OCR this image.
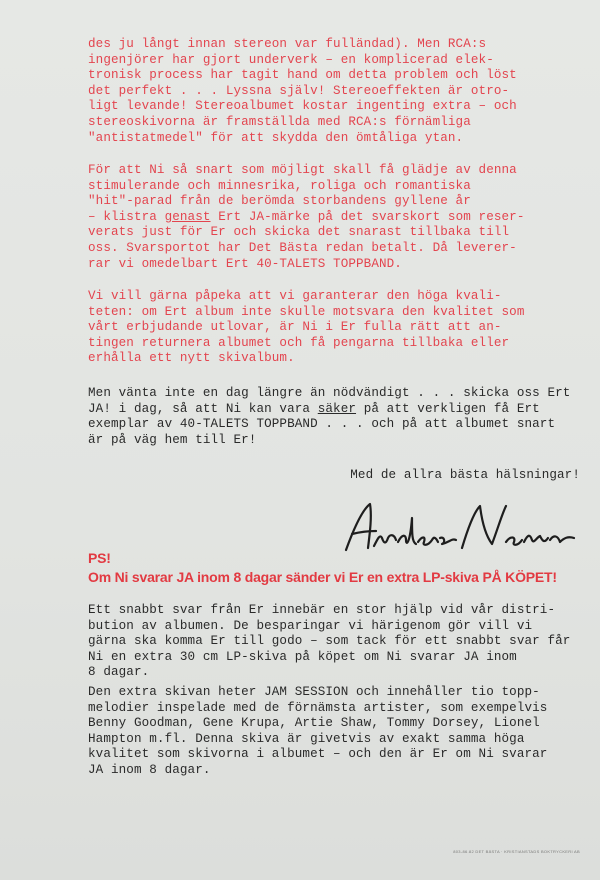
des ju långt innan stereon var fulländad). Men RCA:s

ingenjörer har gjort underverk – en komplicerad elek-

tronisk process har tagit hand om detta problem och löst

det perfekt . . . Lyssna själv! Stereoeffekten är otro-

ligt levande! Stereoalbumet kostar ingenting extra – och

stereoskivorna är framställda med RCA:s förnämliga

"antistatmedel" för att skydda den ömtåliga ytan.

För att Ni så snart som möjligt skall få glädje av denna

stimulerande och minnesrika, roliga och romantiska

"hit"-parad från de berömda storbandens gyllene år

– klistra genast Ert JA-märke på det svarskort som reser-

verats just för Er och skicka det snarast tillbaka till

oss. Svarsportot har Det Bästa redan betalt. Då leverer-

rar vi omedelbart Ert 40-TALETS TOPPBAND.

Vi vill gärna påpeka att vi garanterar den höga kvali-

teten: om Ert album inte skulle motsvara den kvalitet som

vårt erbjudande utlovar, är Ni i Er fulla rätt att an-

tingen returnera albumet och få pengarna tillbaka eller

erhålla ett nytt skivalbum.

Men vänta inte en dag längre än nödvändigt . . . skicka oss Ert

JA! i dag, så att Ni kan vara säker på att verkligen få Ert

exemplar av 40-TALETS TOPPBAND . . . och på att albumet snart

är på väg hem till Er!

Med de allra bästa hälsningar!
PS!
Om Ni svarar JA inom 8 dagar sänder vi Er en extra LP-skiva PÅ KÖPET!

Ett snabbt svar från Er innebär en stor hjälp vid vår distri-

bution av albumen. De besparingar vi härigenom gör vill vi

gärna ska komma Er till godo – som tack för ett snabbt svar får

Ni en extra 30 cm LP-skiva på köpet om Ni svarar JA inom

8 dagar.

Den extra skivan heter JAM SESSION och innehåller tio topp-

melodier inspelade med de förnämsta artister, som exempelvis

Benny Goodman, Gene Krupa, Artie Shaw, Tommy Dorsey, Lionel

Hampton m.fl. Denna skiva är givetvis av exakt samma höga

kvalitet som skivorna i albumet – och den är Er om Ni svarar

JA inom 8 dagar.

803-86.82 DET BÄSTA · KRISTIANSTADS BOKTRYCKERI AB
